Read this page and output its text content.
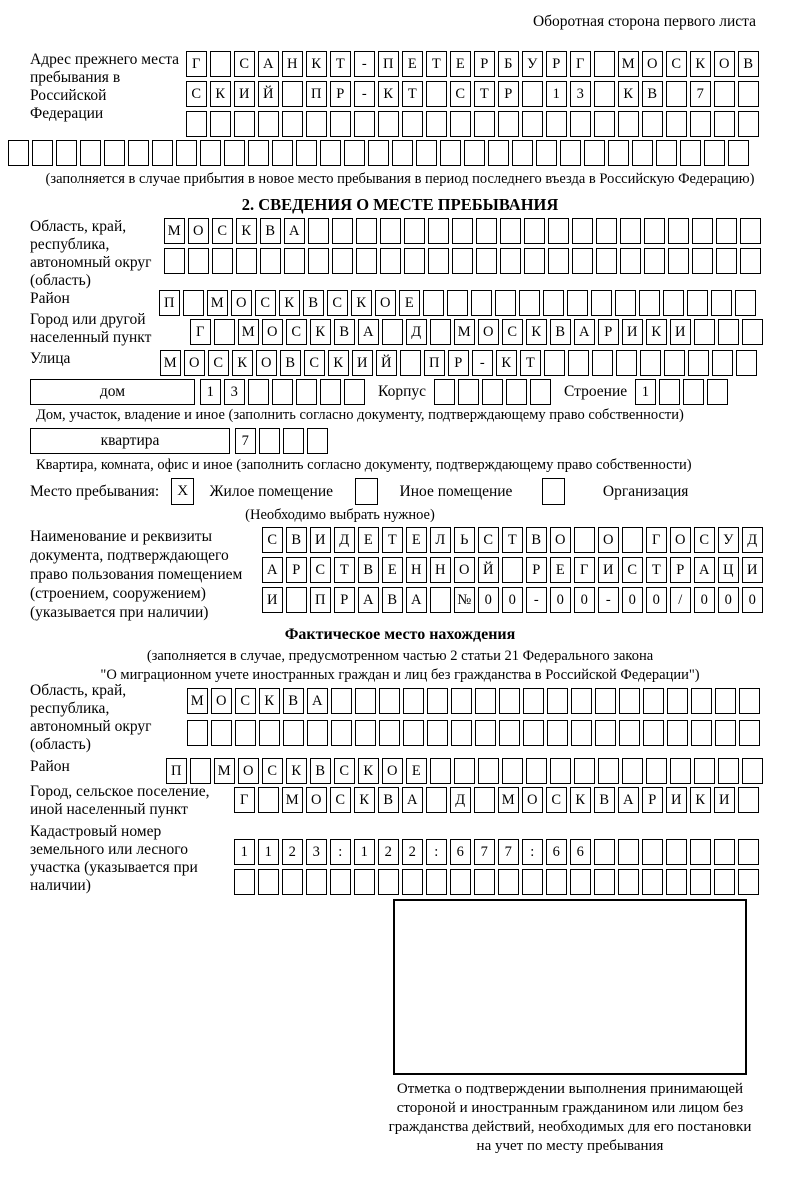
Оборотная сторона первого листа
Адрес прежнего места пребывания в Российской Федерации
Г	С А Н К	Т	-	П Е	Т	Е	Р	Б	У	Р	Г	М О С К О В
С К И Й	П	Р	-	К	Т	С	Т	Р	1	3	К В	7
(заполняется в случае прибытия в новое место пребывания в период последнего въезда в Российскую Федерацию)
2. СВЕДЕНИЯ О МЕСТЕ ПРЕБЫВАНИЯ
Область, край, республика, автономный округ (область)
М О С К В А
Район	П	М О С К В С К О Е
Город или другой населенный пункт	Г	М О С К В А	Д	М О С К В А	Р	И К И
Улица	М О С К О В С К И Й	П	Р	-	К	Т
дом	1	3	Корпус	Строение	1
Дом, участок, владение и иное (заполнить согласно документу, подтверждающему право собственности)
квартира	7
Квартира, комната, офис и иное (заполнить согласно документу, подтверждающему право собственности)
Место пребывания:	X	Жилое помещение	Иное помещение	Организация
(Необходимо выбрать нужное)
Наименование и реквизиты документа, подтверждающего право пользования помещением (строением, сооружением) (указывается при наличии)
С В И Д	Е	Т	Е	Л	Ь	С	Т	В О	О	Г	О С У Д
А	Р	С	Т	В	Е Н Н О Й	Р	Е	Г	И С	Т	Р	А Ц И
И	П	Р	А В А	№ 0	0	-	0	0	-	0	0	/	0	0	0
Фактическое место нахождения
(заполняется в случае, предусмотренном частью 2 статьи 21 Федерального закона
"О миграционном учете иностранных граждан и лиц без гражданства в Российской Федерации")
Область, край, республика, автономный округ (область)
М О С К В А
Район	П	М О С К В С К О Е
Город, сельское поселение, иной населенный пункт
Г	М О С К В А	Д	М О С К В А	Р	И К И
Кадастровый номер земельного или лесного участка (указывается при наличии)
1	1	2	3	:	1	2	2	:	6	7	7	:	6	6
Отметка о подтверждении выполнения принимающей стороной и иностранным гражданином или лицом без гражданства действий, необходимых для его постановки на учет по месту пребывания
